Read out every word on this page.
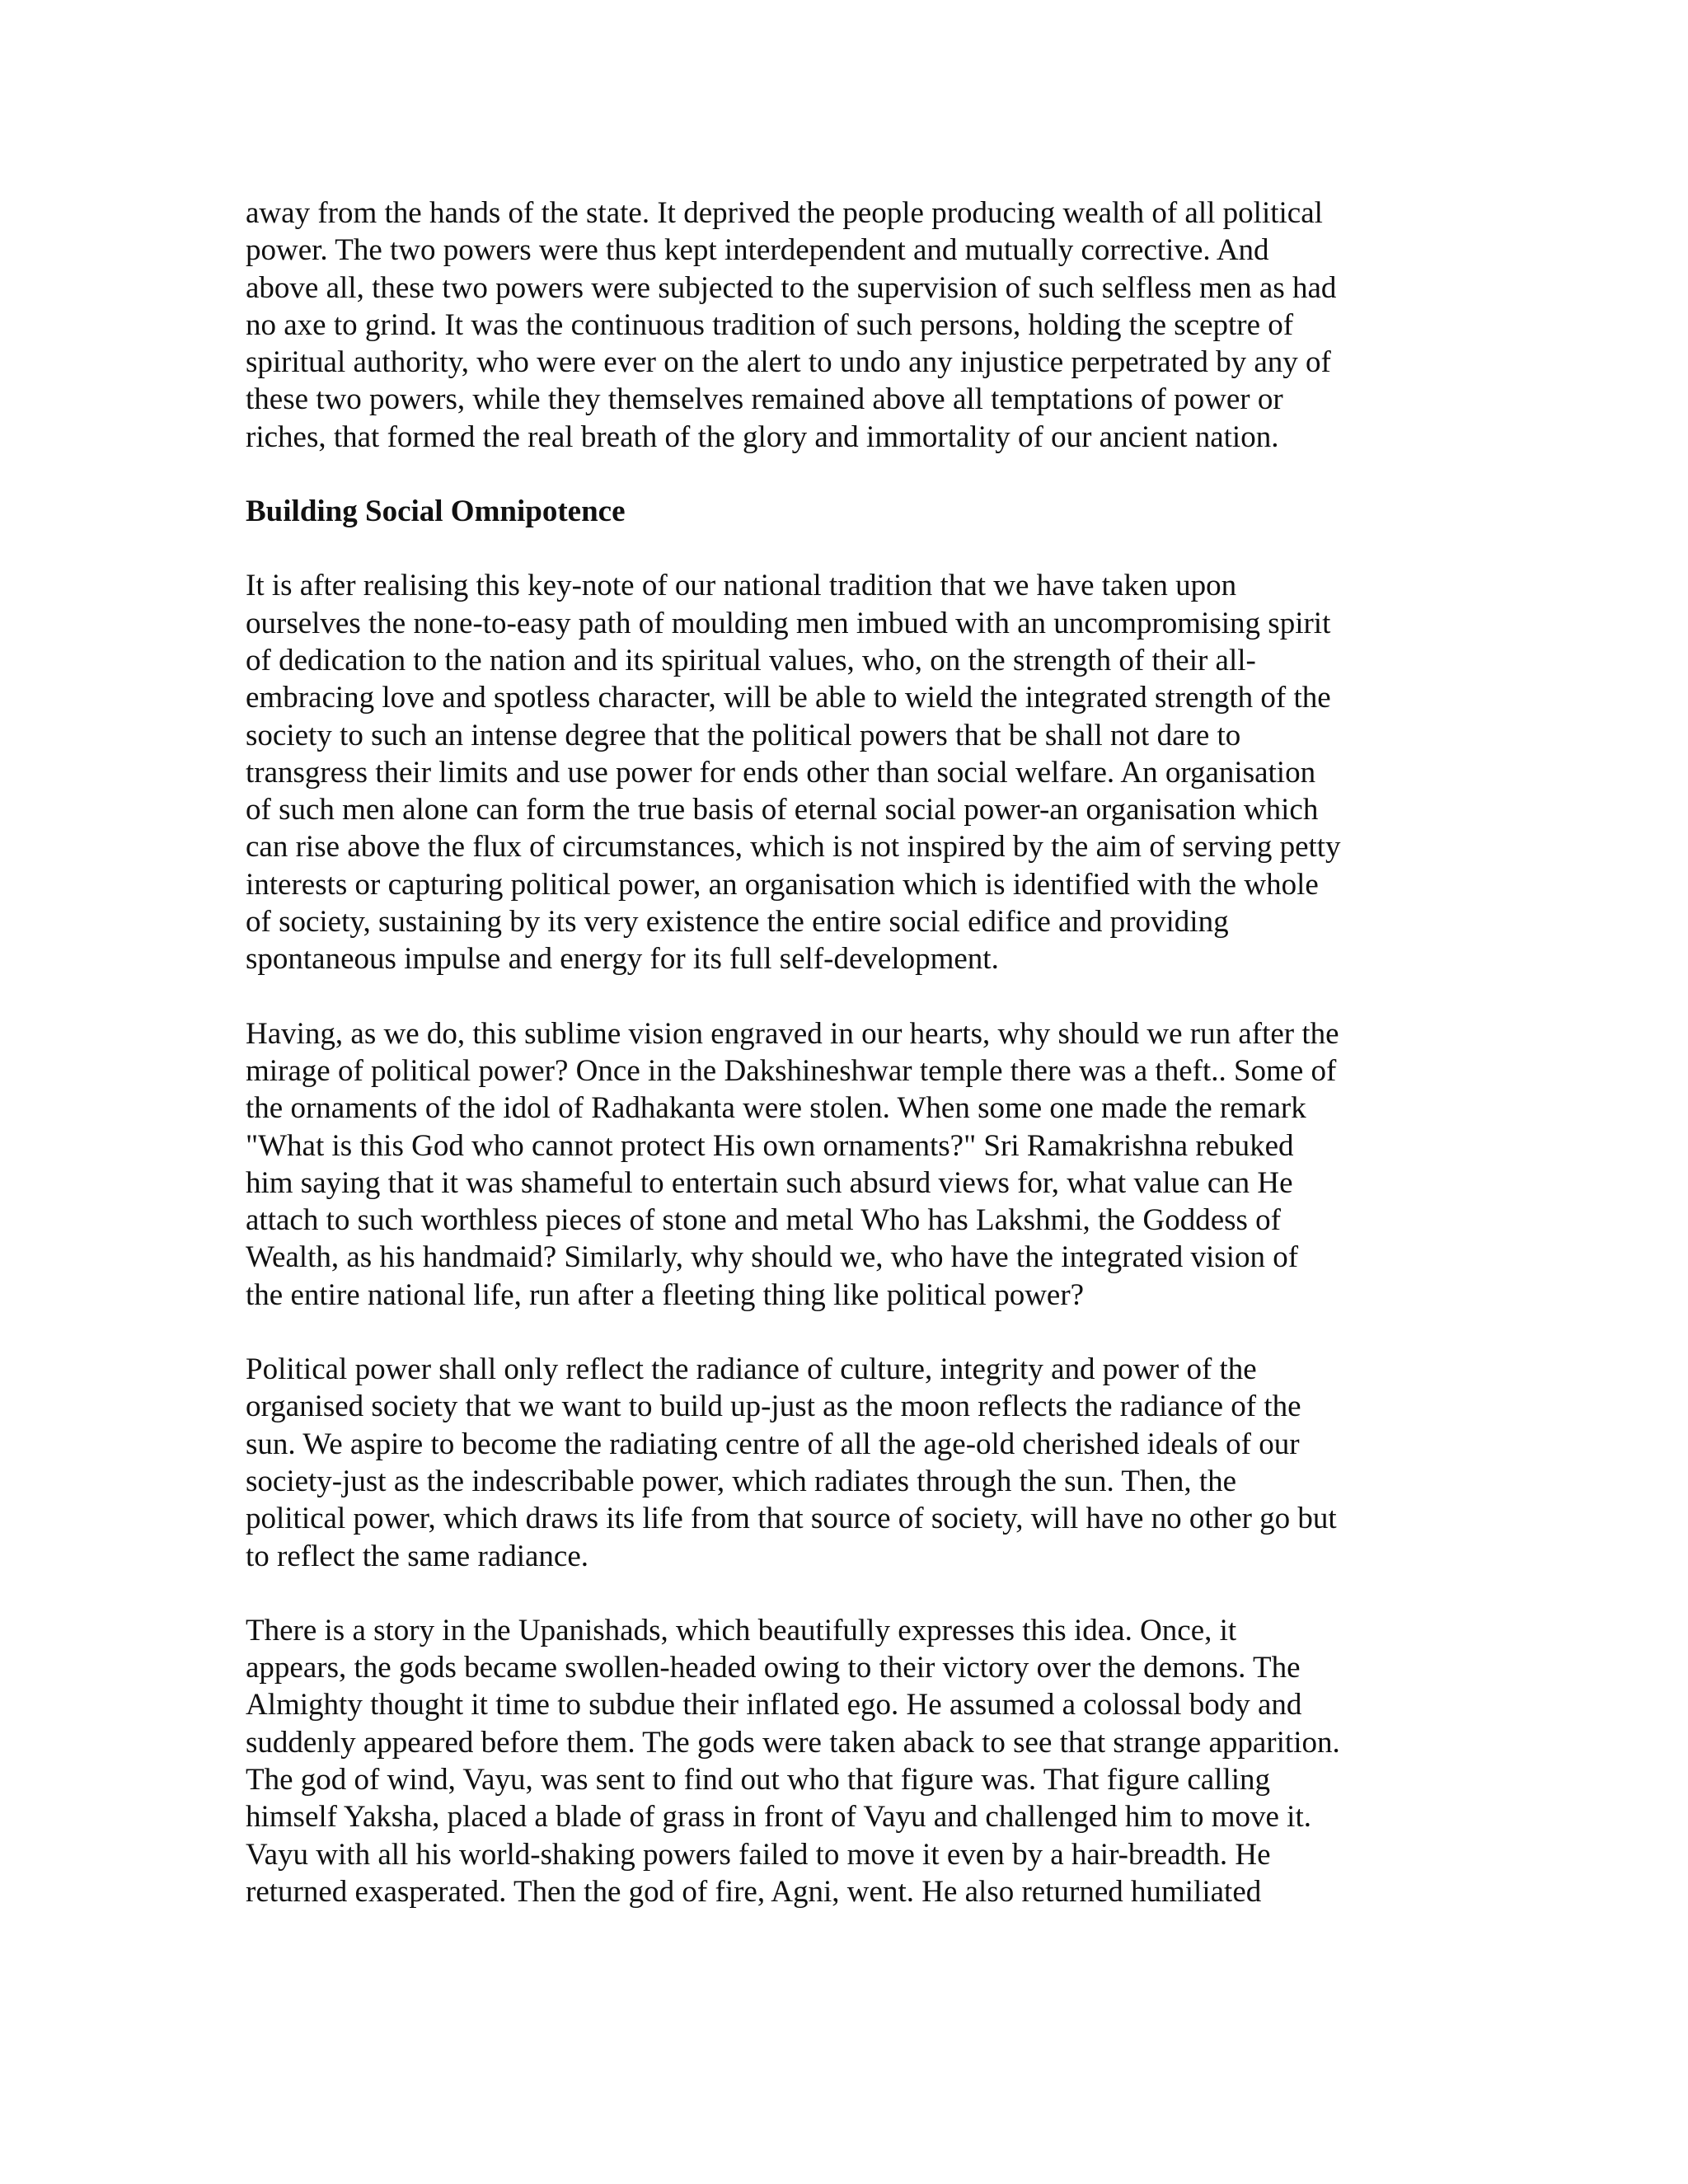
away from the hands of the state. It deprived the people producing wealth of all political
power. The two powers were thus kept interdependent and mutually corrective. And
above all, these two powers were subjected to the supervision of such selfless men as had
no axe to grind. It was the continuous tradition of such persons, holding the sceptre of
spiritual authority, who were ever on the alert to undo any injustice perpetrated by any of
these two powers, while they themselves remained above all temptations of power or
riches, that formed the real breath of the glory and immortality of our ancient nation.
Building Social Omnipotence
It is after realising this key-note of our national tradition that we have taken upon
ourselves the none-to-easy path of moulding men imbued with an uncompromising spirit
of dedication to the nation and its spiritual values, who, on the strength of their all-
embracing love and spotless character, will be able to wield the integrated strength of the
society to such an intense degree that the political powers that be shall not dare to
transgress their limits and use power for ends other than social welfare. An organisation
of such men alone can form the true basis of eternal social power-an organisation which
can rise above the flux of circumstances, which is not inspired by the aim of serving petty
interests or capturing political power, an organisation which is identified with the whole
of society, sustaining by its very existence the entire social edifice and providing
spontaneous impulse and energy for its full self-development.
Having, as we do, this sublime vision engraved in our hearts, why should we run after the
mirage of political power? Once in the Dakshineshwar temple there was a theft.. Some of
the ornaments of the idol of Radhakanta were stolen. When some one made the remark
"What is this God who cannot protect His own ornaments?" Sri Ramakrishna rebuked
him saying that it was shameful to entertain such absurd views for, what value can He
attach to such worthless pieces of stone and metal Who has Lakshmi, the Goddess of
Wealth, as his handmaid? Similarly, why should we, who have the integrated vision of
the entire national life, run after a fleeting thing like political power?
Political power shall only reflect the radiance of culture, integrity and power of the
organised society that we want to build up-just as the moon reflects the radiance of the
sun. We aspire to become the radiating centre of all the age-old cherished ideals of our
society-just as the indescribable power, which radiates through the sun. Then, the
political power, which draws its life from that source of society, will have no other go but
to reflect the same radiance.
There is a story in the Upanishads, which beautifully expresses this idea. Once, it
appears, the gods became swollen-headed owing to their victory over the demons. The
Almighty thought it time to subdue their inflated ego. He assumed a colossal body and
suddenly appeared before them. The gods were taken aback to see that strange apparition.
The god of wind, Vayu, was sent to find out who that figure was. That figure calling
himself Yaksha, placed a blade of grass in front of Vayu and challenged him to move it.
Vayu with all his world-shaking powers failed to move it even by a hair-breadth. He
returned exasperated. Then the god of fire, Agni, went. He also returned humiliated
